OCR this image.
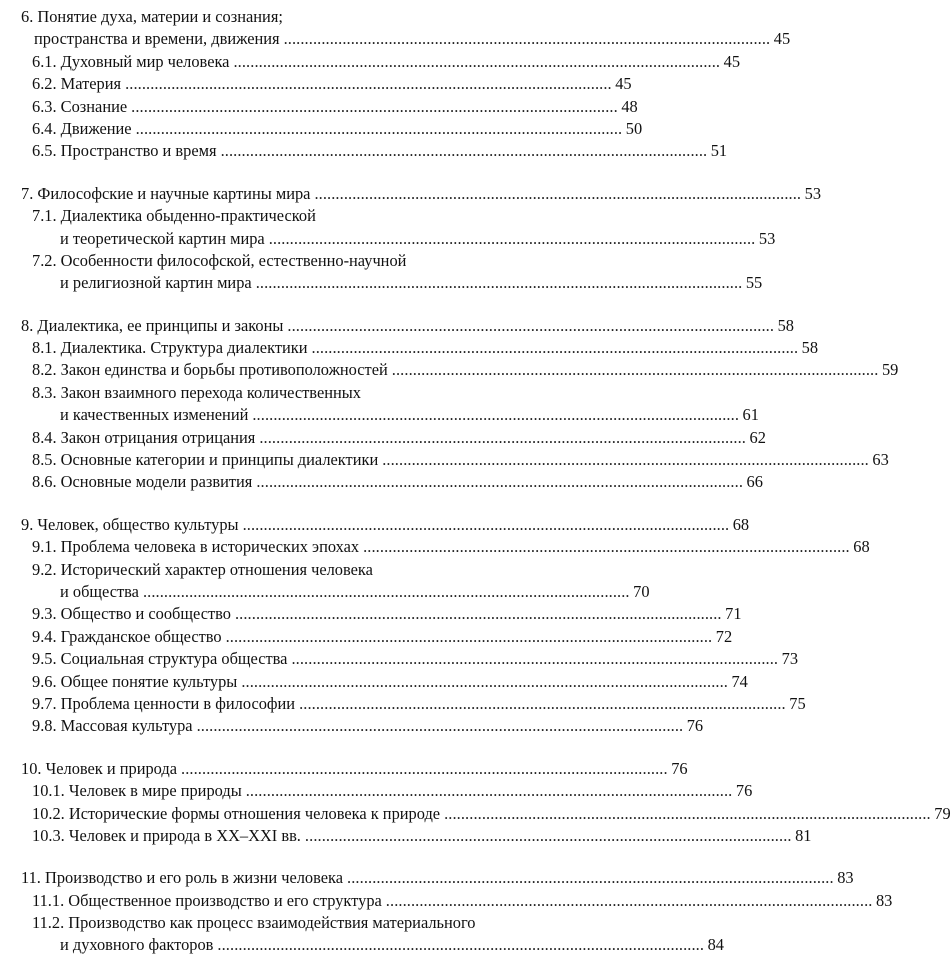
6. Понятие духа, материи и сознания;
пространства и времени, движения . . .	45
6.1. Духовный мир человека . . .	45
6.2. Материя . . .	45
6.3. Сознание . . .	48
6.4. Движение . . .	50
6.5. Пространство и время . . .	51
7. Философские и научные картины мира . . .	53
7.1. Диалектика обыденно-практической
и теоретической картин мира . . .	53
7.2. Особенности философской, естественно-научной
и религиозной картин мира . . .	55
8. Диалектика, ее принципы и законы . . .	58
8.1. Диалектика. Структура диалектики . . .	58
8.2. Закон единства и борьбы противоположностей . . .	59
8.3. Закон взаимного перехода количественных
и качественных изменений . . .	61
8.4. Закон отрицания отрицания . . .	62
8.5. Основные категории и принципы диалектики . . .	63
8.6. Основные модели развития . . .	66
9. Человек, общество культуры . . .	68
9.1. Проблема человека в исторических эпохах . . .	68
9.2. Исторический характер отношения человека
и общества . . .	70
9.3. Общество и сообщество . . .	71
9.4. Гражданское общество . . .	72
9.5. Социальная структура общества . . .	73
9.6. Общее понятие культуры . . .	74
9.7. Проблема ценности в философии . . .	75
9.8. Массовая культура . . .	76
10. Человек и природа . . .	76
10.1. Человек в мире природы . . .	76
10.2. Исторические формы отношения человека к природе . . .	79
10.3. Человек и природа в XX–XXI вв. . . .	81
11. Производство и его роль в жизни человека . . .	83
11.1. Общественное производство и его структура . . .	83
11.2. Производство как процесс взаимодействия материального
и духовного факторов . . .	84
